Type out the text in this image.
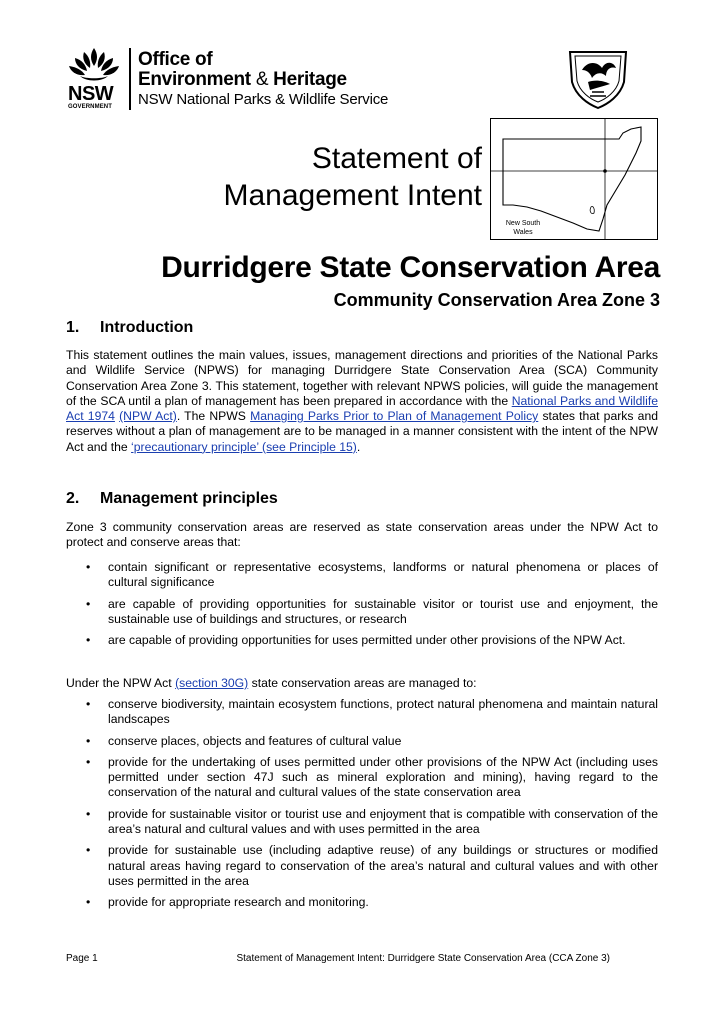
NSW
GOVERNMENT
Office of
Environment & Heritage
NSW National Parks & Wildlife Service
New South Wales
Statement of
Management Intent
Durridgere State Conservation Area
Community Conservation Area Zone 3
1. Introduction

This statement outlines the main values, issues, management directions and priorities of the National Parks and Wildlife Service (NPWS) for managing Durridgere State Conservation Area (SCA) Community Conservation Area Zone 3. This statement, together with relevant NPWS policies, will guide the management of the SCA until a plan of management has been prepared in accordance with the National Parks and Wildlife Act 1974 (NPW Act). The NPWS Managing Parks Prior to Plan of Management Policy states that parks and reserves without a plan of management are to be managed in a manner consistent with the intent of the NPW Act and the ‘precautionary principle’ (see Principle 15).

2. Management principles

Zone 3 community conservation areas are reserved as state conservation areas under the NPW Act to protect and conserve areas that:

• contain significant or representative ecosystems, landforms or natural phenomena or places of cultural significance
• are capable of providing opportunities for sustainable visitor or tourist use and enjoyment, the sustainable use of buildings and structures, or research
• are capable of providing opportunities for uses permitted under other provisions of the NPW Act.

Under the NPW Act (section 30G) state conservation areas are managed to:

• conserve biodiversity, maintain ecosystem functions, protect natural phenomena and maintain natural landscapes
• conserve places, objects and features of cultural value
• provide for the undertaking of uses permitted under other provisions of the NPW Act (including uses permitted under section 47J such as mineral exploration and mining), having regard to the conservation of the natural and cultural values of the state conservation area
• provide for sustainable visitor or tourist use and enjoyment that is compatible with conservation of the area’s natural and cultural values and with uses permitted in the area
• provide for sustainable use (including adaptive reuse) of any buildings or structures or modified natural areas having regard to conservation of the area’s natural and cultural values and with other uses permitted in the area
• provide for appropriate research and monitoring.
Page 1	Statement of Management Intent: Durridgere State Conservation Area (CCA Zone 3)
